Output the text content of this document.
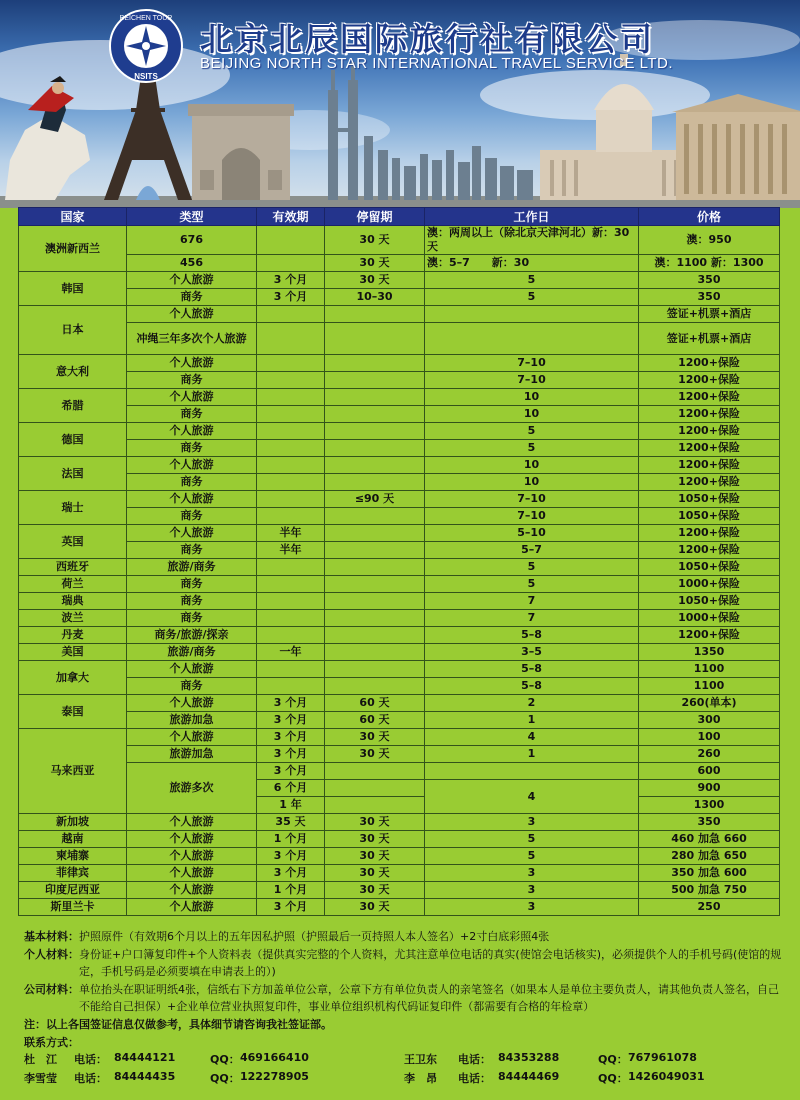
BEICHEN TOUR
NSITS
北京北辰国际旅行社有限公司
BEIJING NORTH STAR INTERNATIONAL TRAVEL SERVICE LTD.
国家	类型	有效期	停留期	工作日	价格
澳洲新西兰	676		30 天	澳：两周以上（除北京天津河北）新：30 天	澳：950
	456		30 天	澳：5–7　　新：30	澳：1100 新：1300
韩国	个人旅游	3 个月	30 天	5	350
	商务	3 个月	10–30	5	350
日本	个人旅游				签证+机票+酒店
	冲绳三年多次个人旅游				签证+机票+酒店
意大利	个人旅游			7–10	1200+保险
	商务			7–10	1200+保险
希腊	个人旅游			10	1200+保险
	商务			10	1200+保险
德国	个人旅游			5	1200+保险
	商务			5	1200+保险
法国	个人旅游			10	1200+保险
	商务			10	1200+保险
瑞士	个人旅游		≤90 天	7–10	1050+保险
	商务			7–10	1050+保险
英国	个人旅游	半年		5–10	1200+保险
	商务	半年		5–7	1200+保险
西班牙	旅游/商务			5	1050+保险
荷兰	商务			5	1000+保险
瑞典	商务			7	1050+保险
波兰	商务			7	1000+保险
丹麦	商务/旅游/探亲			5–8	1200+保险
美国	旅游/商务	一年		3–5	1350
加拿大	个人旅游			5–8	1100
	商务			5–8	1100
泰国	个人旅游	3 个月	60 天	2	260(单本)
	旅游加急	3 个月	60 天	1	300
马来西亚	个人旅游	3 个月	30 天	4	100
	旅游加急	3 个月	30 天	1	260
	旅游多次	3 个月			600
		6 个月		4	900
		1 年			1300
新加坡	个人旅游	35 天	30 天	3	350
越南	个人旅游	1 个月	30 天	5	460 加急 660
柬埔寨	个人旅游	3 个月	30 天	5	280 加急 650
菲律宾	个人旅游	3 个月	30 天	3	350 加急 600
印度尼西亚	个人旅游	1 个月	30 天	3	500 加急 750
斯里兰卡	个人旅游	3 个月	30 天	3	250
基本材料： 护照原件（有效期6个月以上的五年因私护照（护照最后一页持照人本人签名）+2寸白底彩照4张
个人材料： 身份证+户口簿复印件+个人资料表（提供真实完整的个人资料，尤其注意单位电话的真实(使馆会电话核实)，必须提供个人的手机号码(使馆的规定，手机号码是必须要填在申请表上的）)
公司材料： 单位抬头在职证明纸4张，信纸右下方加盖单位公章，公章下方有单位负责人的亲笔签名（如果本人是单位主要负责人，请其他负责人签名，自己不能给自己担保）+企业单位营业执照复印件，事业单位组织机构代码证复印件（都需要有合格的年检章）
注：以上各国签证信息仅做参考，具体细节请咨询我社签证部。
联系方式：
杜　江	电话： 84444121	QQ： 469166410	王卫东	电话： 84353288	QQ： 767961078
李雪莹	电话： 84444435	QQ： 122278905	李　昂	电话： 84444469	QQ： 1426049031
